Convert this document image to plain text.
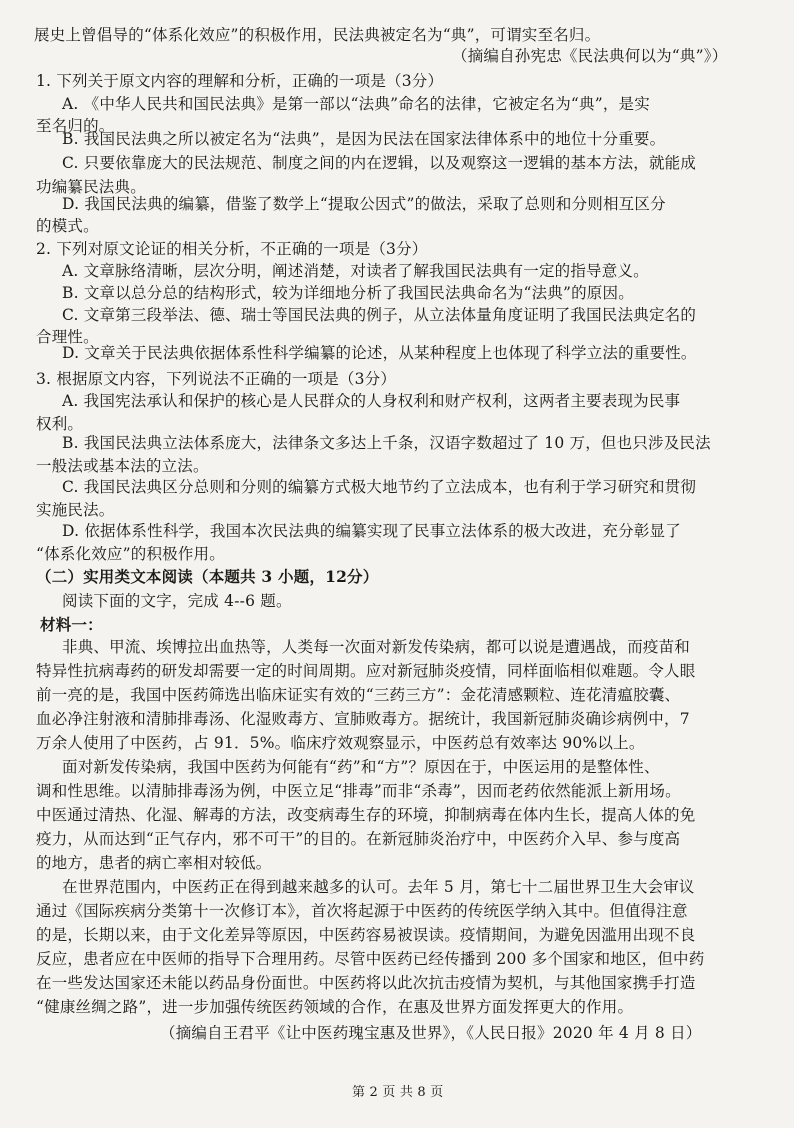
展史上曾倡导的“体系化效应”的积极作用，民法典被定名为“典”，可谓实至名归。
（摘编自孙宪忠《民法典何以为“典”》）
1. 下列关于原文内容的理解和分析，正确的一项是（3分）
A. 《中华人民共和国民法典》是第一部以“法典”命名的法律，它被定名为“典”，是实
至名归的。
B. 我国民法典之所以被定名为“法典”，是因为民法在国家法律体系中的地位十分重要。
C. 只要依靠庞大的民法规范、制度之间的内在逻辑，以及观察这一逻辑的基本方法，就能成
功编纂民法典。
D. 我国民法典的编纂，借鉴了数学上“提取公因式”的做法，采取了总则和分则相互区分
的模式。
2. 下列对原文论证的相关分析，不正确的一项是（3分）
A. 文章脉络清晰，层次分明，阐述消楚，对读者了解我国民法典有一定的指导意义。
B. 文章以总分总的结构形式，较为详细地分析了我国民法典命名为“法典”的原因。
C. 文章第三段举法、德、瑞士等国民法典的例子，从立法体量角度证明了我国民法典定名的
合理性。
D. 文章关于民法典依据体系性科学编纂的论述，从某种程度上也体现了科学立法的重要性。
3. 根据原文内容，下列说法不正确的一项是（3分）
A. 我国宪法承认和保护的核心是人民群众的人身权利和财产权利，这两者主要表现为民事
权利。
B. 我国民法典立法体系庞大，法律条文多达上千条，汉语字数超过了 10 万，但也只涉及民法
一般法或基本法的立法。
C. 我国民法典区分总则和分则的编纂方式极大地节约了立法成本，也有利于学习研究和贯彻
实施民法。
D. 依据体系性科学，我国本次民法典的编纂实现了民事立法体系的极大改进，充分彰显了
“体系化效应”的积极作用。
（二）实用类文本阅读（本题共 3 小题，12分）
阅读下面的文字，完成 4--6 题。
材料一：
非典、甲流、埃博拉出血热等，人类每一次面对新发传染病，都可以说是遭遇战，而疫苗和
特异性抗病毒药的研发却需要一定的时间周期。应对新冠肺炎疫情，同样面临相似难题。令人眼
前一亮的是，我国中医药筛选出临床证实有效的“三药三方”：金花清感颗粒、连花清瘟胶囊、
血必净注射液和清肺排毒汤、化湿败毒方、宣肺败毒方。据统计，我国新冠肺炎确诊病例中，7
万余人使用了中医药，占 91．5%。临床疗效观察显示，中医药总有效率达 90%以上。
面对新发传染病，我国中医药为何能有“药”和“方”？原因在于，中医运用的是整体性、
调和性思维。以清肺排毒汤为例，中医立足“排毒”而非“杀毒”，因而老药依然能派上新用场。
中医通过清热、化湿、解毒的方法，改变病毒生存的环境，抑制病毒在体内生长，提高人体的免
疫力，从而达到“正气存内，邪不可干”的目的。在新冠肺炎治疗中，中医药介入早、参与度高
的地方，患者的病亡率相对较低。
在世界范围内，中医药正在得到越来越多的认可。去年 5 月，第七十二届世界卫生大会审议
通过《国际疾病分类第十一次修订本》，首次将起源于中医药的传统医学纳入其中。但值得注意
的是，长期以来，由于文化差异等原因，中医药容易被误读。疫情期间，为避免因滥用出现不良
反应，患者应在中医师的指导下合理用药。尽管中医药已经传播到 200 多个国家和地区，但中药
在一些发达国家还未能以药品身份面世。中医药将以此次抗击疫情为契机，与其他国家携手打造
“健康丝绸之路”，进一步加强传统医药领域的合作，在惠及世界方面发挥更大的作用。
（摘编自王君平《让中医药瑰宝惠及世界》，《人民日报》2020 年 4 月 8 日）
第 2 页 共 8 页
